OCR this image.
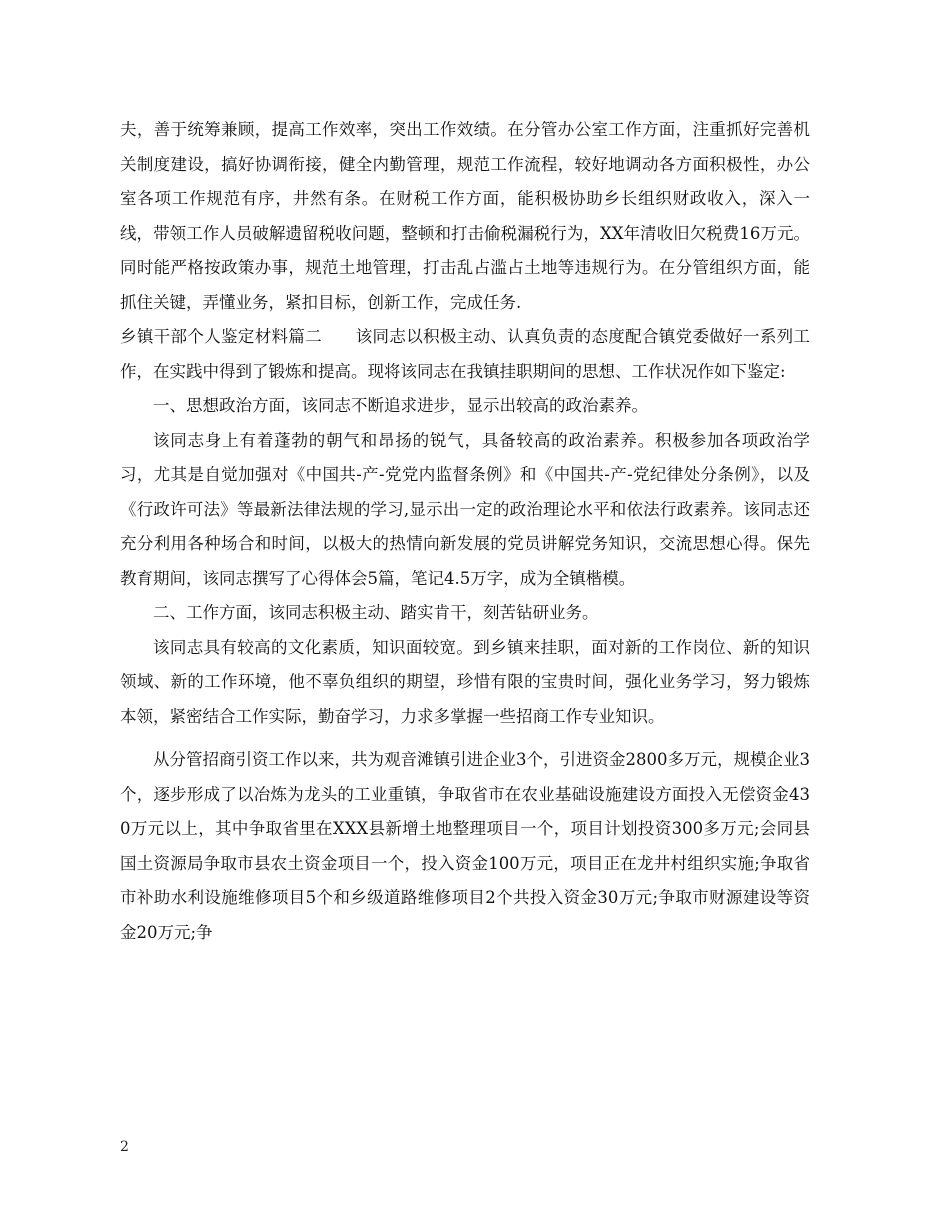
夫，善于统筹兼顾，提高工作效率，突出工作效绩。在分管办公室工作方面，注重抓好完善机关制度建设，搞好协调衔接，健全内勤管理，规范工作流程，较好地调动各方面积极性，办公室各项工作规范有序，井然有条。在财税工作方面，能积极协助乡长组织财政收入，深入一线，带领工作人员破解遗留税收问题，整顿和打击偷税漏税行为，XX年清收旧欠税费16万元。同时能严格按政策办事，规范土地管理，打击乱占滥占土地等违规行为。在分管组织方面，能抓住关键，弄懂业务，紧扣目标，创新工作，完成任务.

乡镇干部个人鉴定材料篇二　　该同志以积极主动、认真负责的态度配合镇党委做好一系列工作，在实践中得到了锻炼和提高。现将该同志在我镇挂职期间的思想、工作状况作如下鉴定:

一、思想政治方面，该同志不断追求进步，显示出较高的政治素养。

该同志身上有着蓬勃的朝气和昂扬的锐气，具备较高的政治素养。积极参加各项政治学习，尤其是自觉加强对《中国共-产-党党内监督条例》和《中国共-产-党纪律处分条例》，以及《行政许可法》等最新法律法规的学习,显示出一定的政治理论水平和依法行政素养。该同志还充分利用各种场合和时间，以极大的热情向新发展的党员讲解党务知识，交流思想心得。保先教育期间，该同志撰写了心得体会5篇，笔记4.5万字，成为全镇楷模。

二、工作方面，该同志积极主动、踏实肯干，刻苦钻研业务。

该同志具有较高的文化素质，知识面较宽。到乡镇来挂职，面对新的工作岗位、新的知识领域、新的工作环境，他不辜负组织的期望，珍惜有限的宝贵时间，强化业务学习，努力锻炼本领，紧密结合工作实际，勤奋学习，力求多掌握一些招商工作专业知识。

从分管招商引资工作以来，共为观音滩镇引进企业3个，引进资金2800多万元，规模企业3个，逐步形成了以冶炼为龙头的工业重镇，争取省市在农业基础设施建设方面投入无偿资金430万元以上，其中争取省里在XXX县新增土地整理项目一个，项目计划投资300多万元;会同县国土资源局争取市县农土资金项目一个，投入资金100万元，项目正在龙井村组织实施;争取省市补助水利设施维修项目5个和乡级道路维修项目2个共投入资金30万元;争取市财源建设等资金20万元;争

2
